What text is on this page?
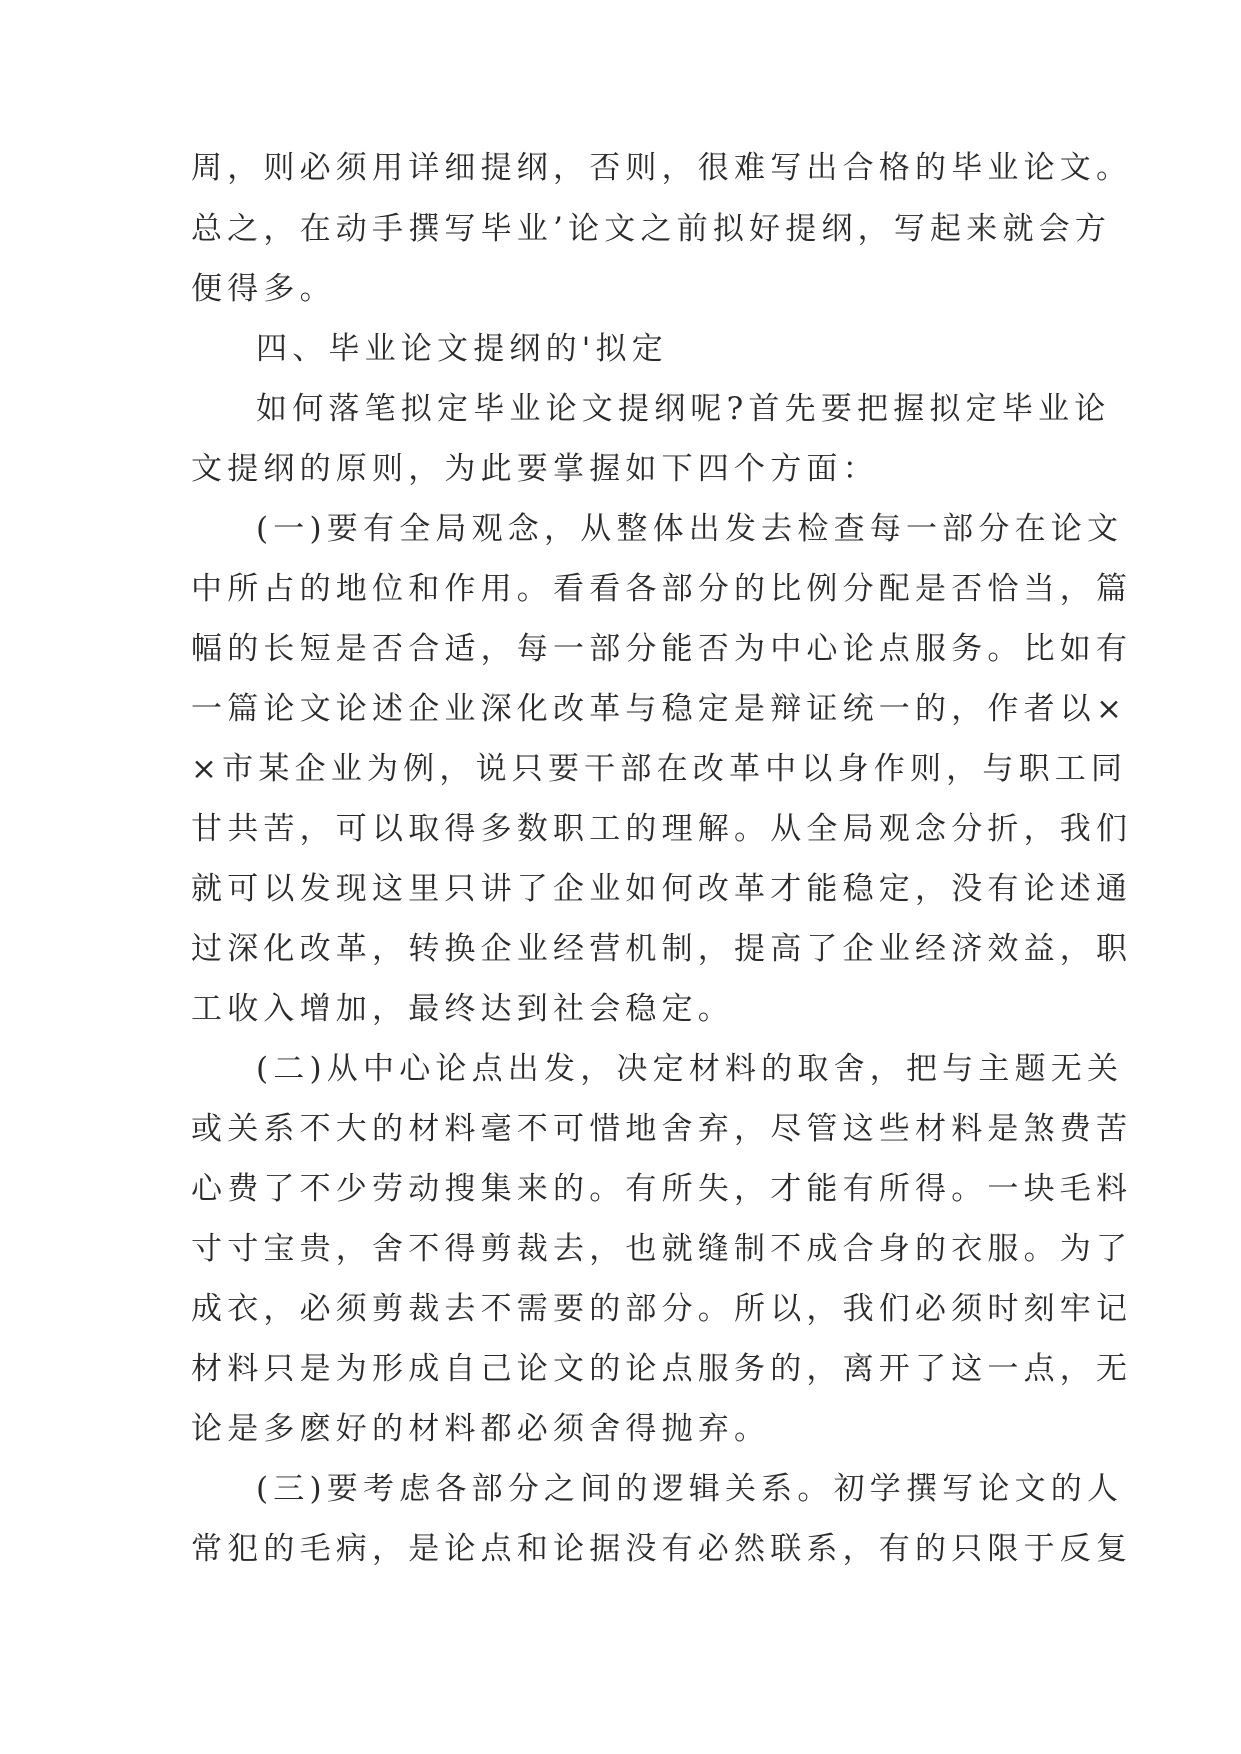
周，则必须用详细提纲，否则，很难写出合格的毕业论文。
总之，在动手撰写毕业’论文之前拟好提纲，写起来就会方
便得多。
四、毕业论文提纲的'拟定
如何落笔拟定毕业论文提纲呢?首先要把握拟定毕业论
文提纲的原则，为此要掌握如下四个方面：
(一)要有全局观念，从整体出发去检查每一部分在论文
中所占的地位和作用。看看各部分的比例分配是否恰当，篇
幅的长短是否合适，每一部分能否为中心论点服务。比如有
一篇论文论述企业深化改革与稳定是辩证统一的，作者以×
×市某企业为例，说只要干部在改革中以身作则，与职工同
甘共苦，可以取得多数职工的理解。从全局观念分折，我们
就可以发现这里只讲了企业如何改革才能稳定，没有论述通
过深化改革，转换企业经营机制，提高了企业经济效益，职
工收入增加，最终达到社会稳定。
(二)从中心论点出发，决定材料的取舍，把与主题无关
或关系不大的材料毫不可惜地舍弃，尽管这些材料是煞费苦
心费了不少劳动搜集来的。有所失，才能有所得。一块毛料
寸寸宝贵，舍不得剪裁去，也就缝制不成合身的衣服。为了
成衣，必须剪裁去不需要的部分。所以，我们必须时刻牢记
材料只是为形成自己论文的论点服务的，离开了这一点，无
论是多麽好的材料都必须舍得抛弃。
(三)要考虑各部分之间的逻辑关系。初学撰写论文的人
常犯的毛病，是论点和论据没有必然联系，有的只限于反复
